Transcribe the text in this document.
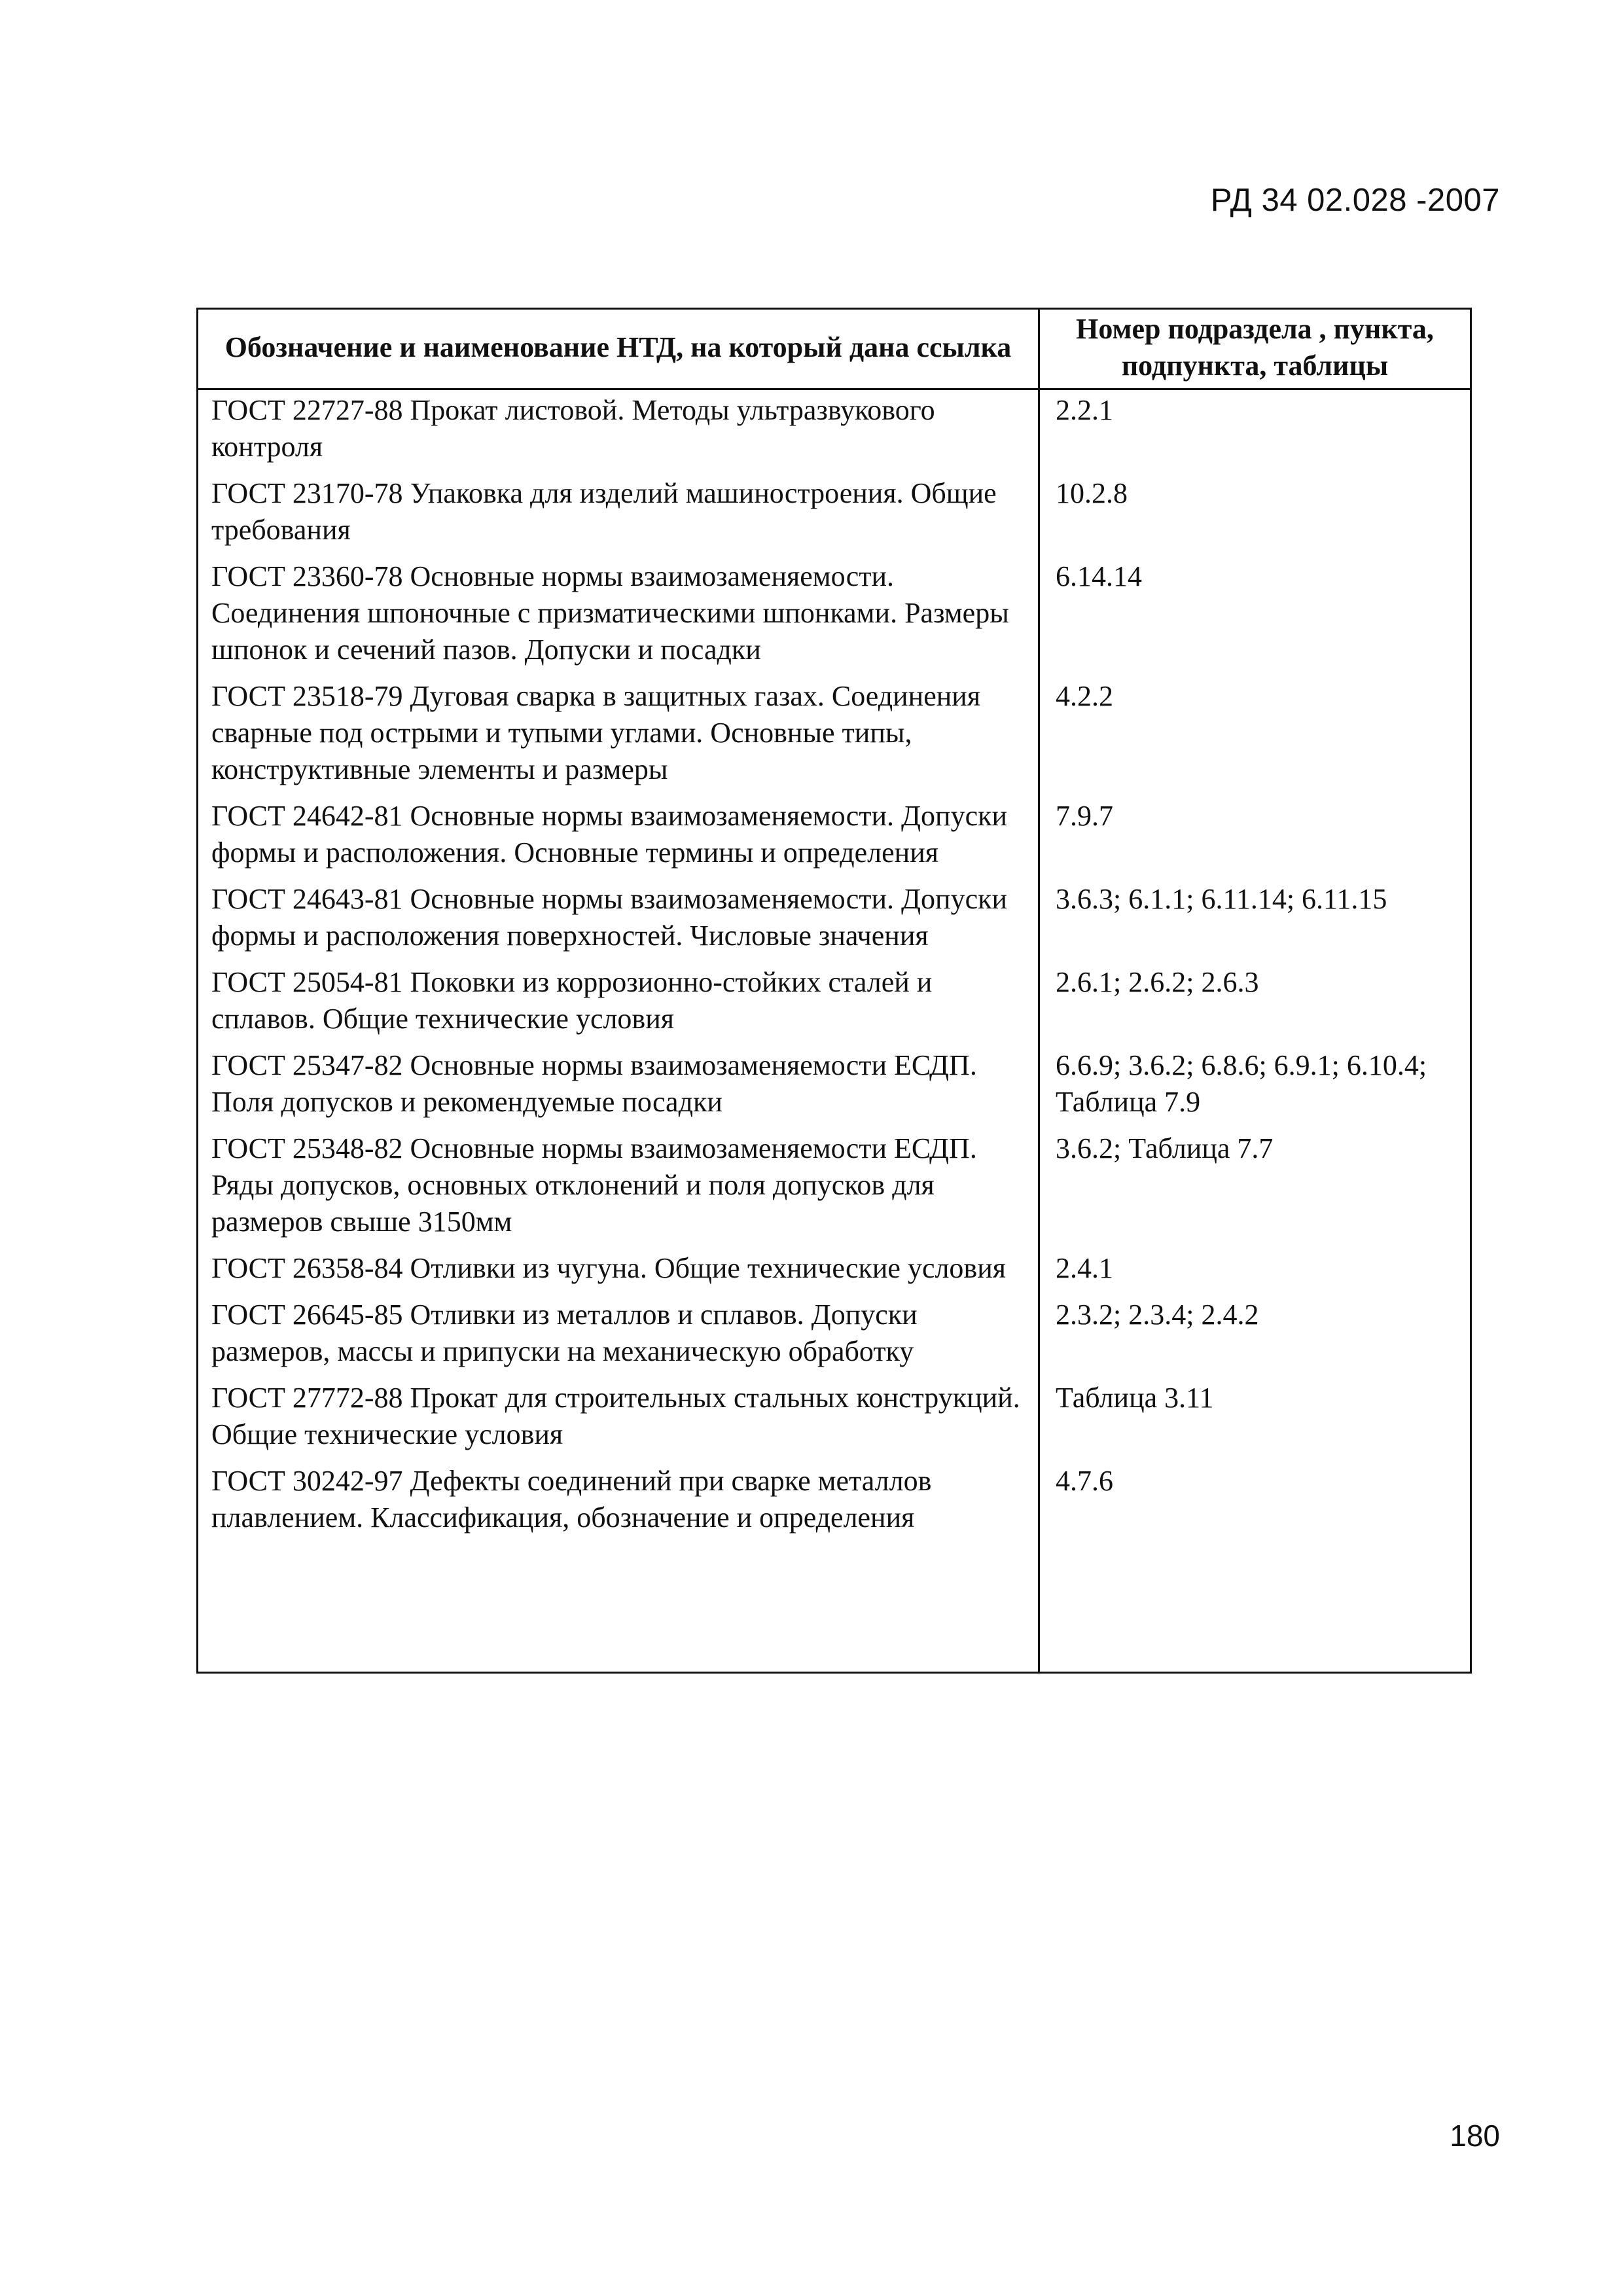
РД 34 02.028 -2007
Обозначение и наименование НТД, на который дана ссылка	Номер подраздела , пункта, подпункта, таблицы
ГОСТ 22727-88 Прокат листовой. Методы ультразвукового контроля	2.2.1
ГОСТ 23170-78 Упаковка для изделий машиностроения. Общие требования	10.2.8
ГОСТ 23360-78 Основные нормы взаимозаменяемости. Соединения шпоночные с призматическими шпонками. Размеры шпонок и сечений пазов. Допуски и посадки	6.14.14
ГОСТ 23518-79 Дуговая сварка в защитных газах. Соединения сварные под острыми и тупыми углами. Основные типы, конструктивные элементы и размеры	4.2.2
ГОСТ 24642-81 Основные нормы взаимозаменяемости. Допуски формы и расположения. Основные термины и определения	7.9.7
ГОСТ 24643-81 Основные нормы взаимозаменяемости. Допуски формы и расположения поверхностей. Числовые значения	3.6.3; 6.1.1; 6.11.14; 6.11.15
ГОСТ 25054-81 Поковки из коррозионно-стойких сталей и сплавов. Общие технические условия	2.6.1; 2.6.2; 2.6.3
ГОСТ 25347-82 Основные нормы взаимозаменяемости ЕСДП. Поля допусков и рекомендуемые посадки	6.6.9; 3.6.2; 6.8.6; 6.9.1; 6.10.4; Таблица 7.9
ГОСТ 25348-82 Основные нормы взаимозаменяемости ЕСДП. Ряды допусков, основных отклонений и поля допусков для размеров свыше 3150мм	3.6.2; Таблица 7.7
ГОСТ 26358-84 Отливки из чугуна. Общие технические условия	2.4.1
ГОСТ 26645-85 Отливки из металлов и сплавов. Допуски размеров, массы и припуски на механическую обработку	2.3.2; 2.3.4; 2.4.2
ГОСТ 27772-88 Прокат для строительных стальных конструкций. Общие технические условия	Таблица 3.11
ГОСТ 30242-97 Дефекты соединений при сварке металлов плавлением. Классификация, обозначение и определения	4.7.6

180
